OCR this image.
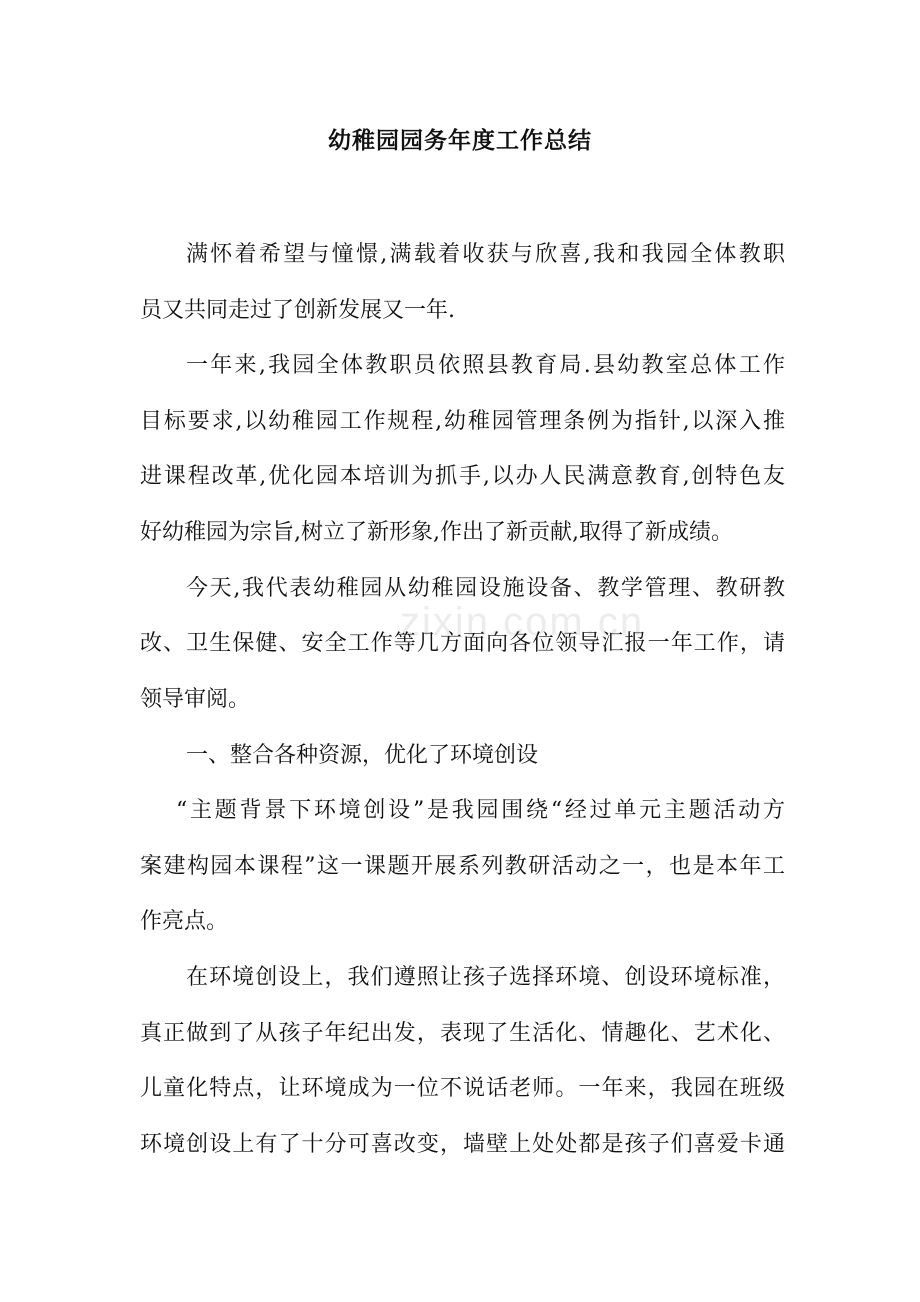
幼稚园园务年度工作总结
zixin.com.cn
满怀着希望与憧憬,满载着收获与欣喜,我和我园全体教职
员又共同走过了创新发展又一年.
一年来,我园全体教职员依照县教育局.县幼教室总体工作
目标要求,以幼稚园工作规程,幼稚园管理条例为指针,以深入推
进课程改革,优化园本培训为抓手,以办人民满意教育,创特色友
好幼稚园为宗旨,树立了新形象,作出了新贡献,取得了新成绩。
今天,我代表幼稚园从幼稚园设施设备、教学管理、教研教
改、卫生保健、安全工作等几方面向各位领导汇报一年工作，请
领导审阅。
一、整合各种资源，优化了环境创设
“主题背景下环境创设”是我园围绕“经过单元主题活动方
案建构园本课程”这一课题开展系列教研活动之一，也是本年工
作亮点。
在环境创设上，我们遵照让孩子选择环境、创设环境标准，
真正做到了从孩子年纪出发，表现了生活化、情趣化、艺术化、
儿童化特点，让环境成为一位不说话老师。一年来，我园在班级
环境创设上有了十分可喜改变，墙壁上处处都是孩子们喜爱卡通
